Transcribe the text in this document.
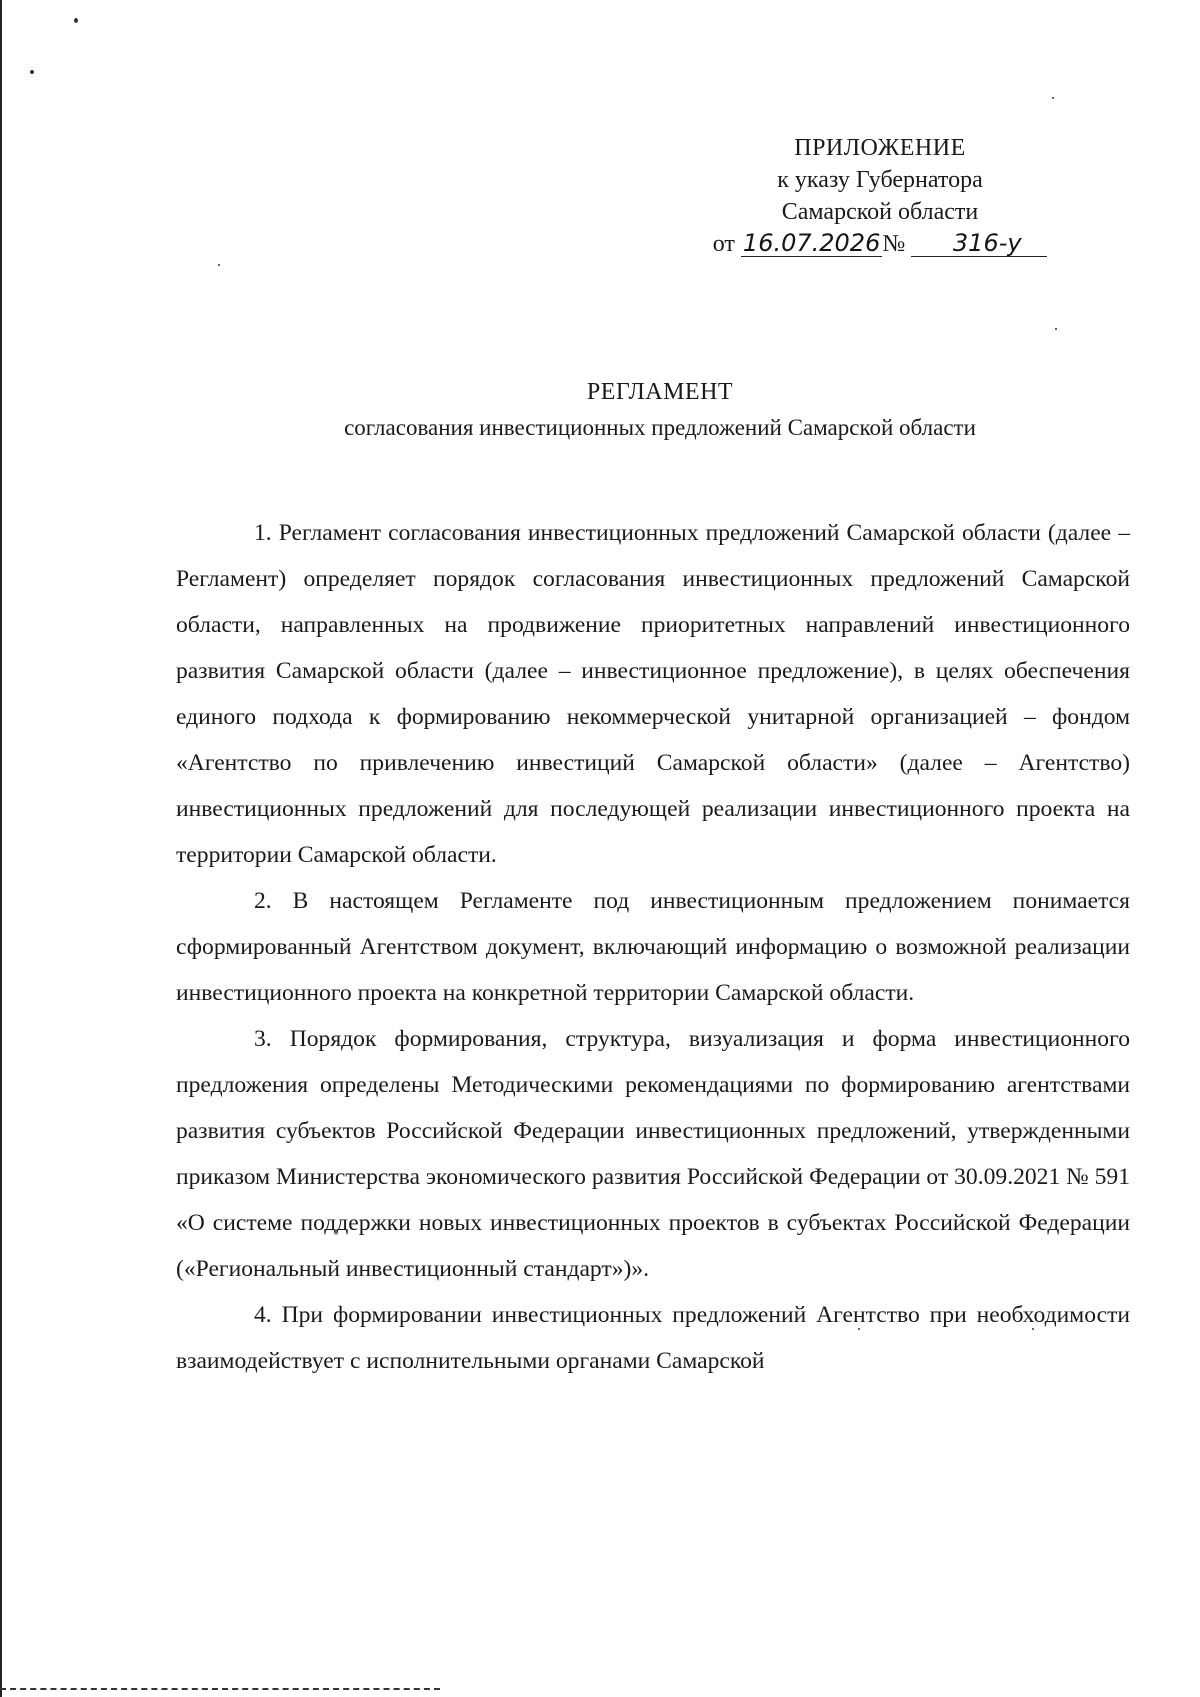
ПРИЛОЖЕНИЕ
к указу Губернатора
Самарской области
от 16.07.2026№ 316-у
РЕГЛАМЕНТ
согласования инвестиционных предложений Самарской области

1. Регламент согласования инвестиционных предложений Самарской области (далее – Регламент) определяет порядок согласования инвестиционных предложений Самарской области, направленных на продвижение приоритетных направлений инвестиционного развития Самарской области (далее – инвестиционное предложение), в целях обеспечения единого подхода к формированию некоммерческой унитарной организацией – фондом «Агентство по привлечению инвестиций Самарской области» (далее – Агентство) инвестиционных предложений для последующей реализации инвестиционного проекта на территории Самарской области.

2. В настоящем Регламенте под инвестиционным предложением понимается сформированный Агентством документ, включающий информацию о возможной реализации инвестиционного проекта на конкретной территории Самарской области.

3. Порядок формирования, структура, визуализация и форма инвестиционного предложения определены Методическими рекомендациями по формированию агентствами развития субъектов Российской Федерации инвестиционных предложений, утвержденными приказом Министерства экономического развития Российской Федерации от 30.09.2021 № 591 «О системе поддержки новых инвестиционных проектов в субъектах Российской Федерации («Региональный инвестиционный стандарт»)».

4. При формировании инвестиционных предложений Агентство при необходимости взаимодействует с исполнительными органами Самарской
